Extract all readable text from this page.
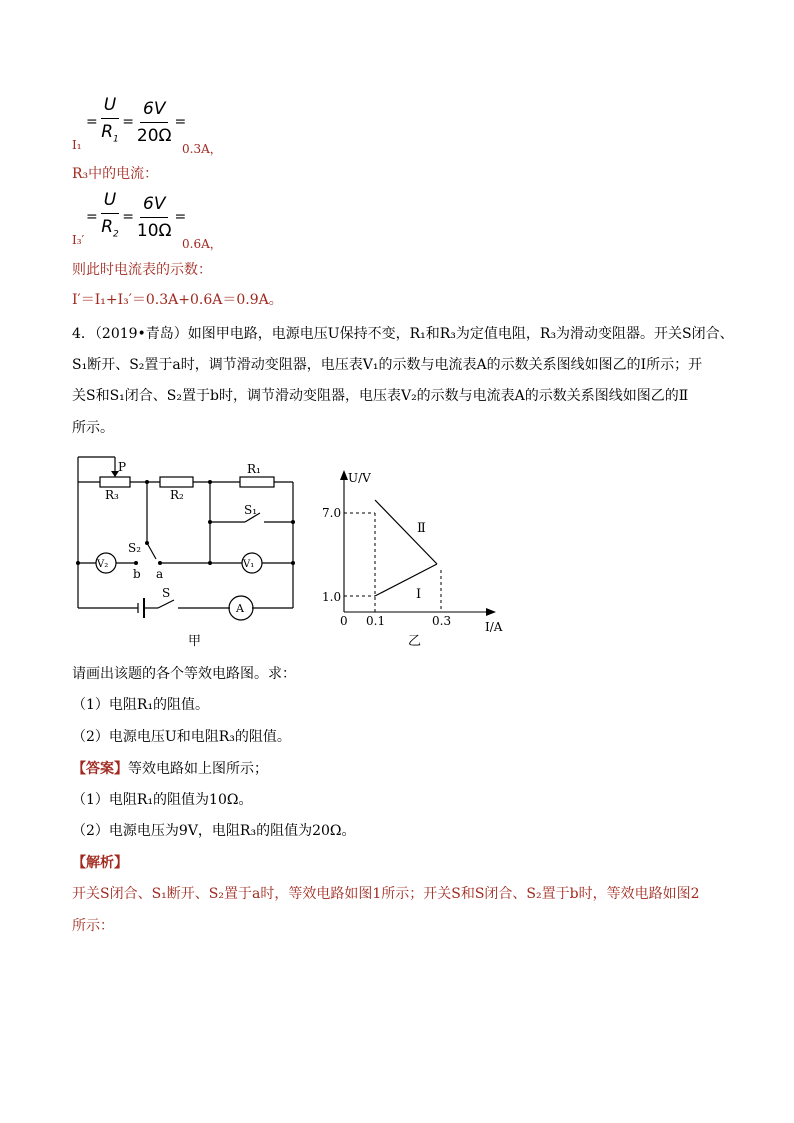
= $\frac{U}{R_1} = \frac{6V}{20\Omega}$ =
I₁	0.3A，
R₃中的电流：
= $\frac{U}{R_2} = \frac{6V}{10\Omega}$ =
I₃′	0.6A，
则此时电流表的示数：
I′＝I₁+I₃′＝0.3A+0.6A＝0.9A。
4．（2019•青岛）如图甲电路，电源电压U保持不变，R₁和R₃为定值电阻，R₃为滑动变阻器。开关S闭合、
S₁断开、S₂置于a时，调节滑动变阻器，电压表V₁的示数与电流表A的示数关系图线如图乙的Ⅰ所示；开
关S和S₁闭合、S₂置于b时，调节滑动变阻器，电压表V₂的示数与电流表A的示数关系图线如图乙的Ⅱ
所示。
P
R₃	R₂
R₁
S₁
S₂
b a
S
V₂	V₁
A
甲
U/V
I/A
7.0
1.0
0 0.1	0.3
Ⅱ
Ⅰ
乙
请画出该题的各个等效电路图。求：
（1）电阻R₁的阻值。
（2）电源电压U和电阻R₃的阻值。
【答案】等效电路如上图所示；
（1）电阻R₁的阻值为10Ω。
（2）电源电压为9V，电阻R₃的阻值为20Ω。
【解析】
开关S闭合、S₁断开、S₂置于a时，等效电路如图1所示；开关S和S闭合、S₂置于b时，等效电路如图2
所示：
